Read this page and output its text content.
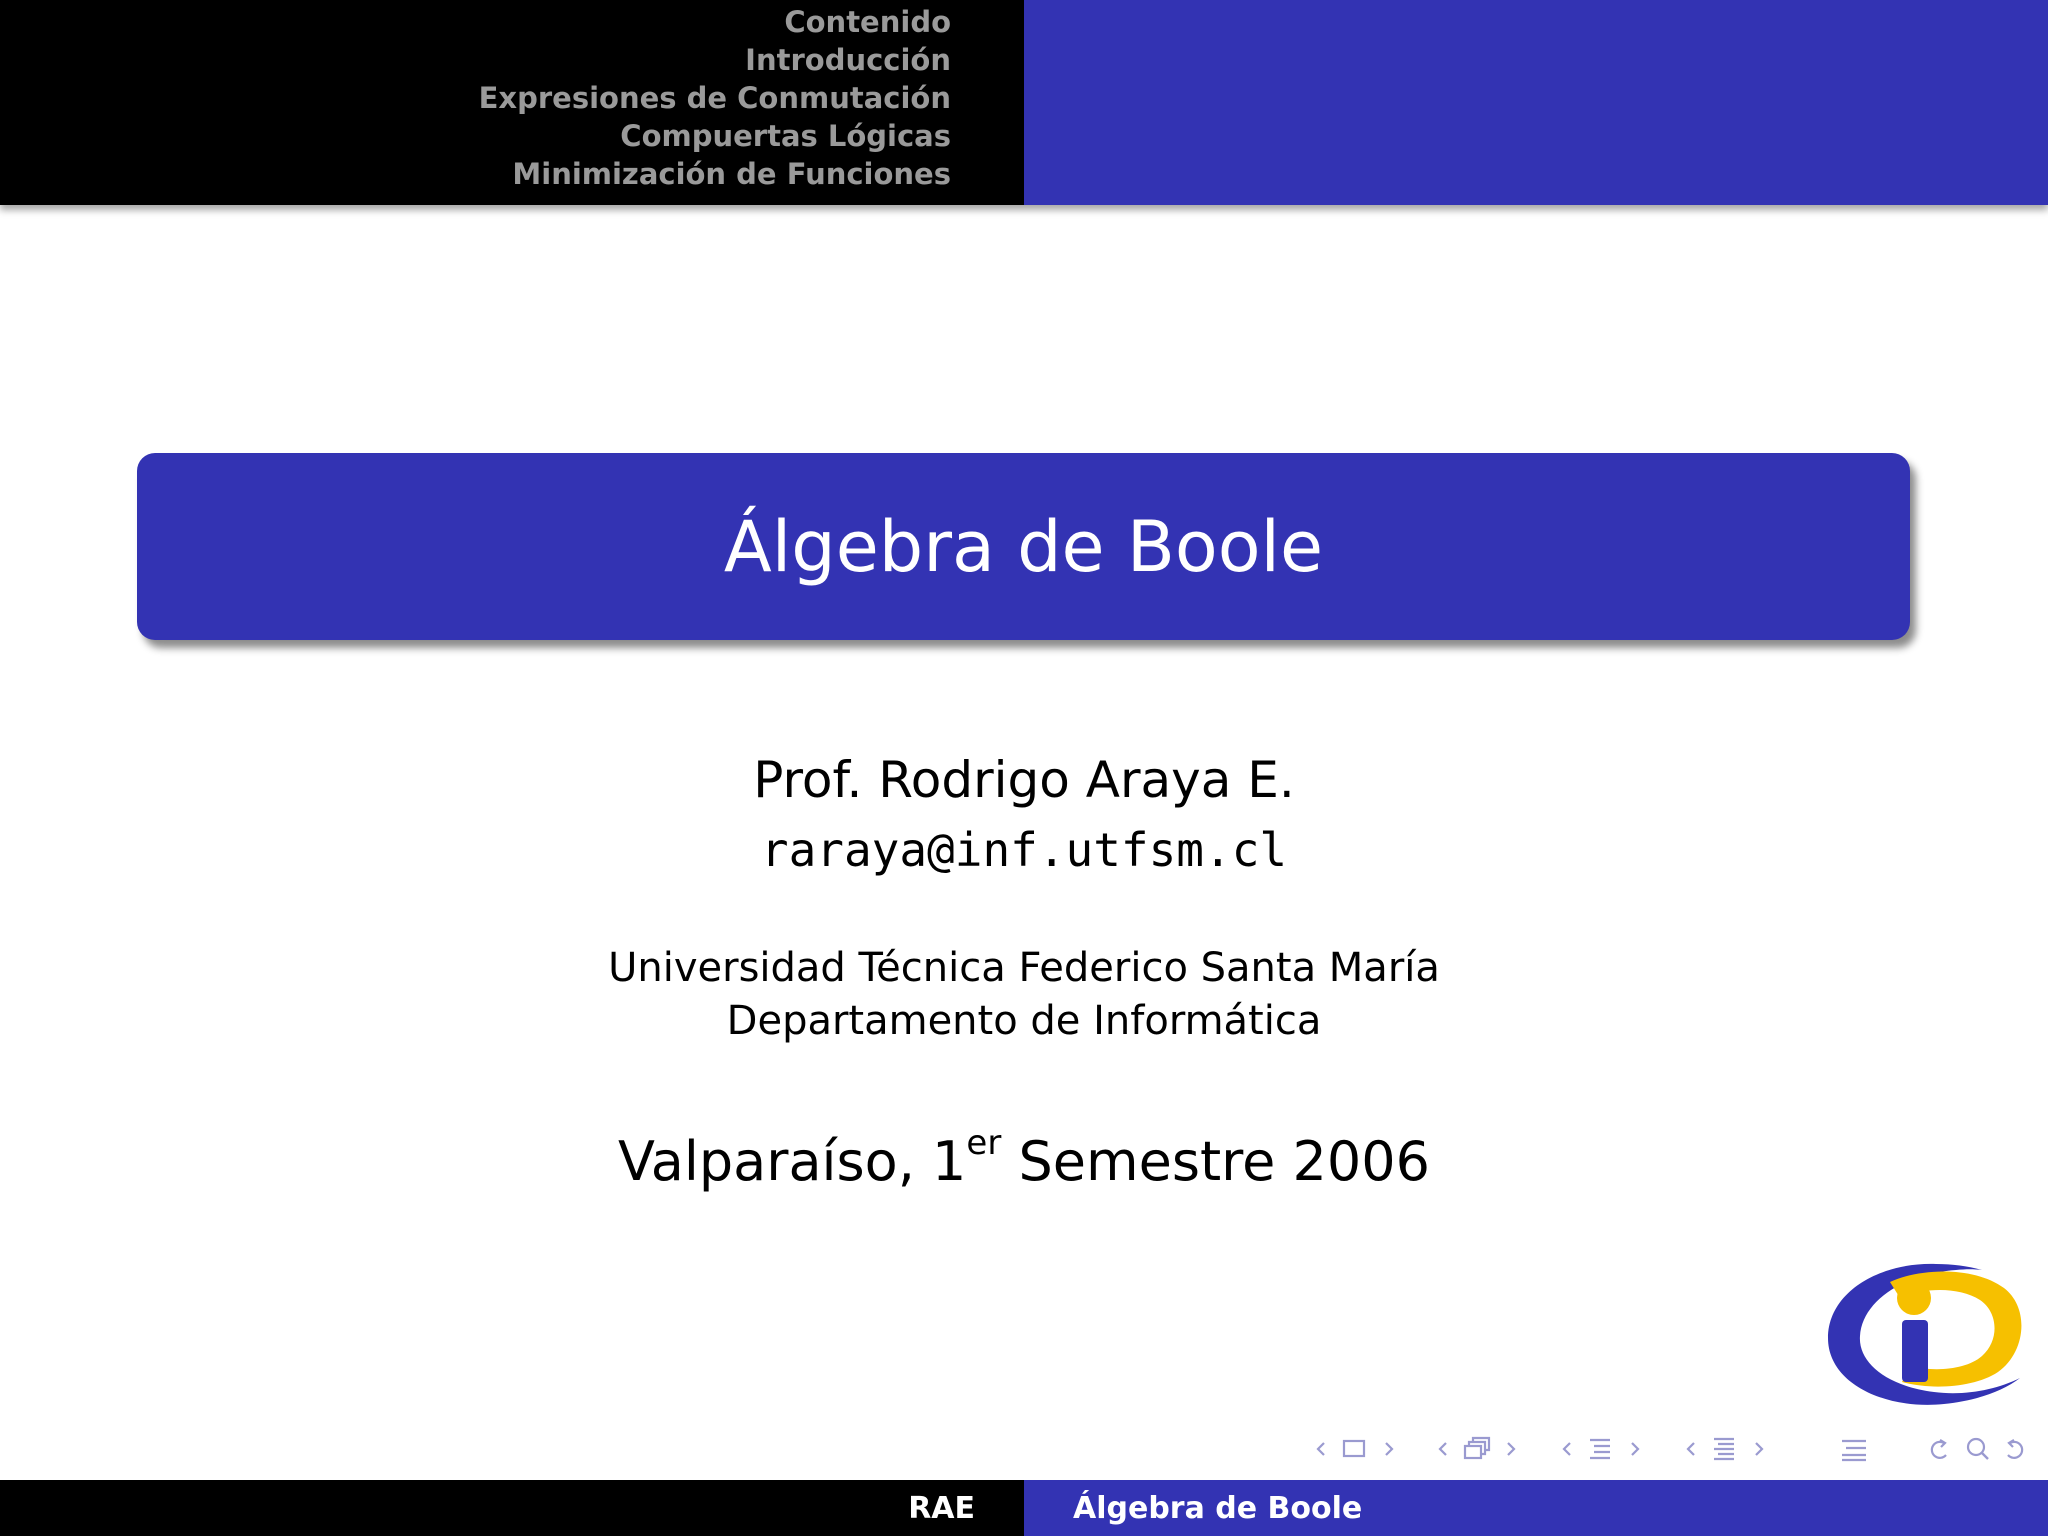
Contenido
Introducción
Expresiones de Conmutación
Compuertas Lógicas
Minimización de Funciones
Álgebra de Boole
Prof. Rodrigo Araya E.
raraya@inf.utfsm.cl
Universidad Técnica Federico Santa María
Departamento de Informática
Valparaíso, 1er Semestre 2006
RAE	Álgebra de Boole
